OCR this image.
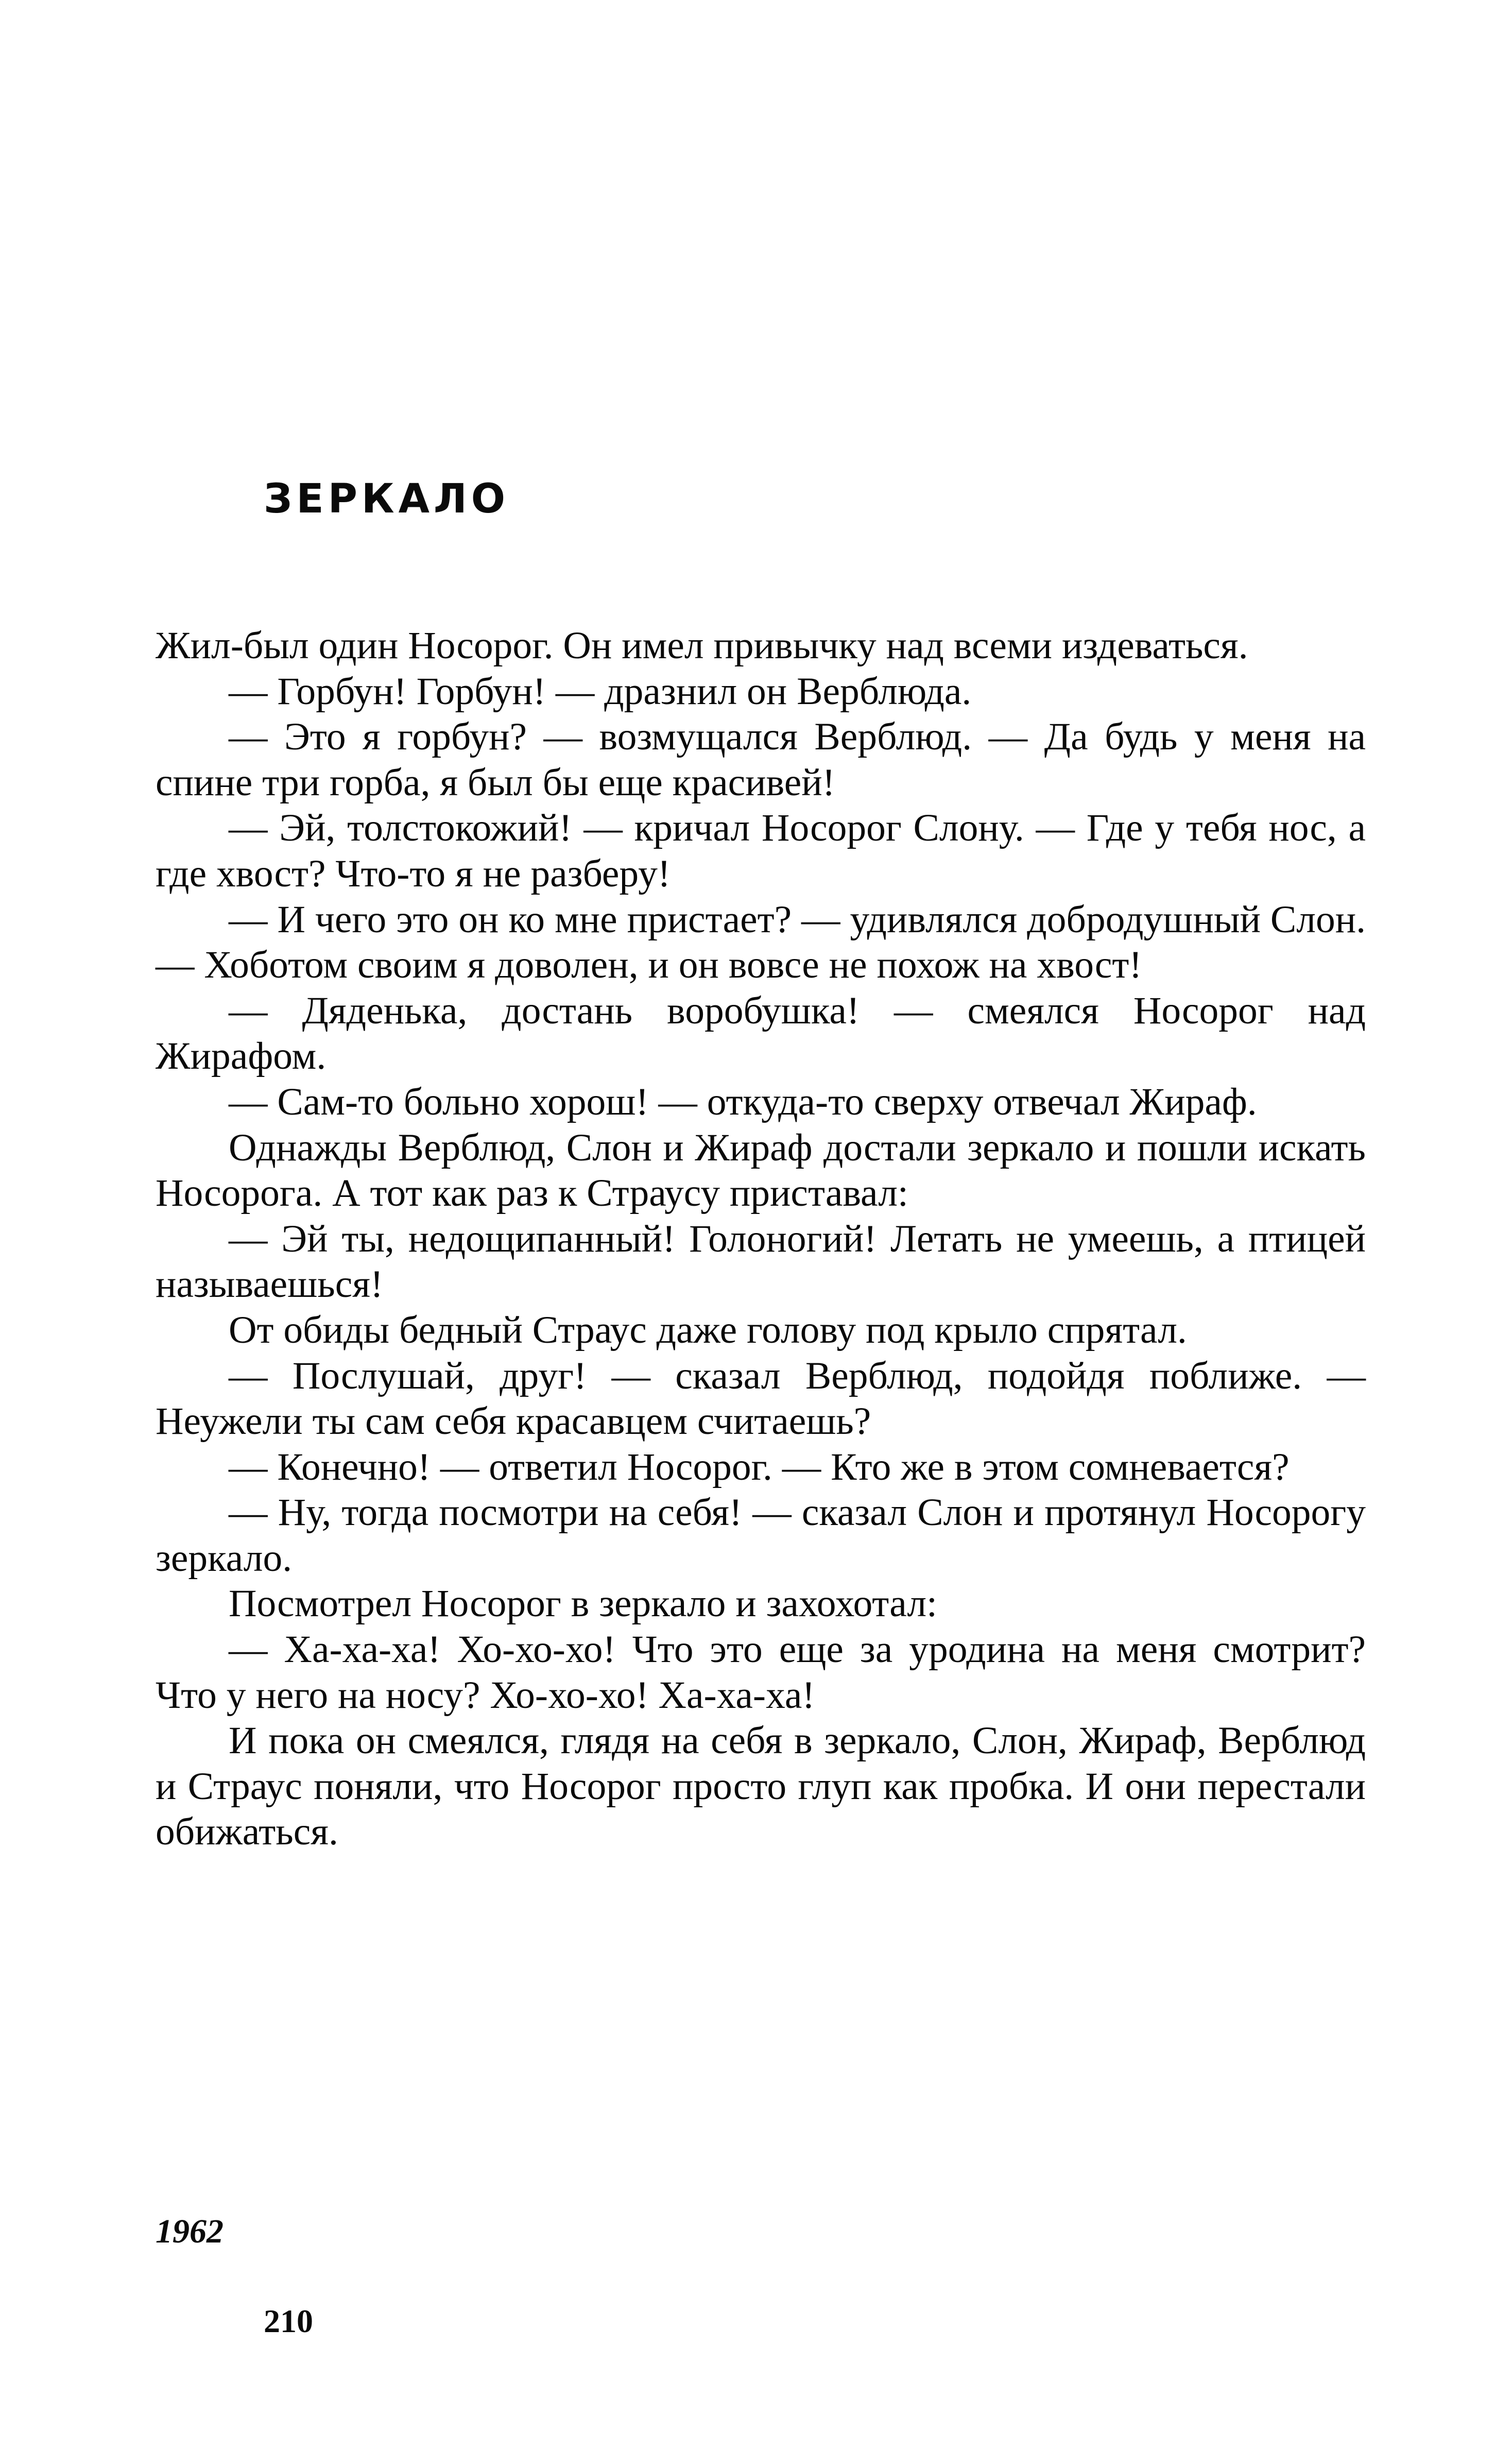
ЗЕРКАЛО

Жил-был один Носорог. Он имел привычку над всеми издеваться.

— Горбун! Горбун! — дразнил он Верблюда.

— Это я горбун? — возмущался Верблюд. — Да будь у меня на спине три горба, я был бы еще красивей!

— Эй, толстокожий! — кричал Носорог Слону. — Где у тебя нос, а где хвост? Что-то я не разберу!

— И чего это он ко мне пристает? — удивлялся добродушный Слон. — Хоботом своим я доволен, и он вовсе не похож на хвост!

— Дяденька, достань воробушка! — смеялся Носорог над Жирафом.

— Сам-то больно хорош! — откуда-то сверху отвечал Жираф.

Однажды Верблюд, Слон и Жираф достали зеркало и пошли искать Носорога. А тот как раз к Страусу приставал:

— Эй ты, недощипанный! Голоногий! Летать не умеешь, а птицей называешься!

От обиды бедный Страус даже голову под крыло спрятал.

— Послушай, друг! — сказал Верблюд, подойдя поближе. — Неужели ты сам себя красавцем считаешь?

— Конечно! — ответил Носорог. — Кто же в этом сомневается?

— Ну, тогда посмотри на себя! — сказал Слон и протянул Носорогу зеркало.

Посмотрел Носорог в зеркало и захохотал:

— Ха-ха-ха! Хо-хо-хо! Что это еще за уродина на меня смотрит? Что у него на носу? Хо-хо-хо! Ха-ха-ха!

И пока он смеялся, глядя на себя в зеркало, Слон, Жираф, Верблюд и Страус поняли, что Носорог просто глуп как пробка. И они перестали обижаться.

1962
210
